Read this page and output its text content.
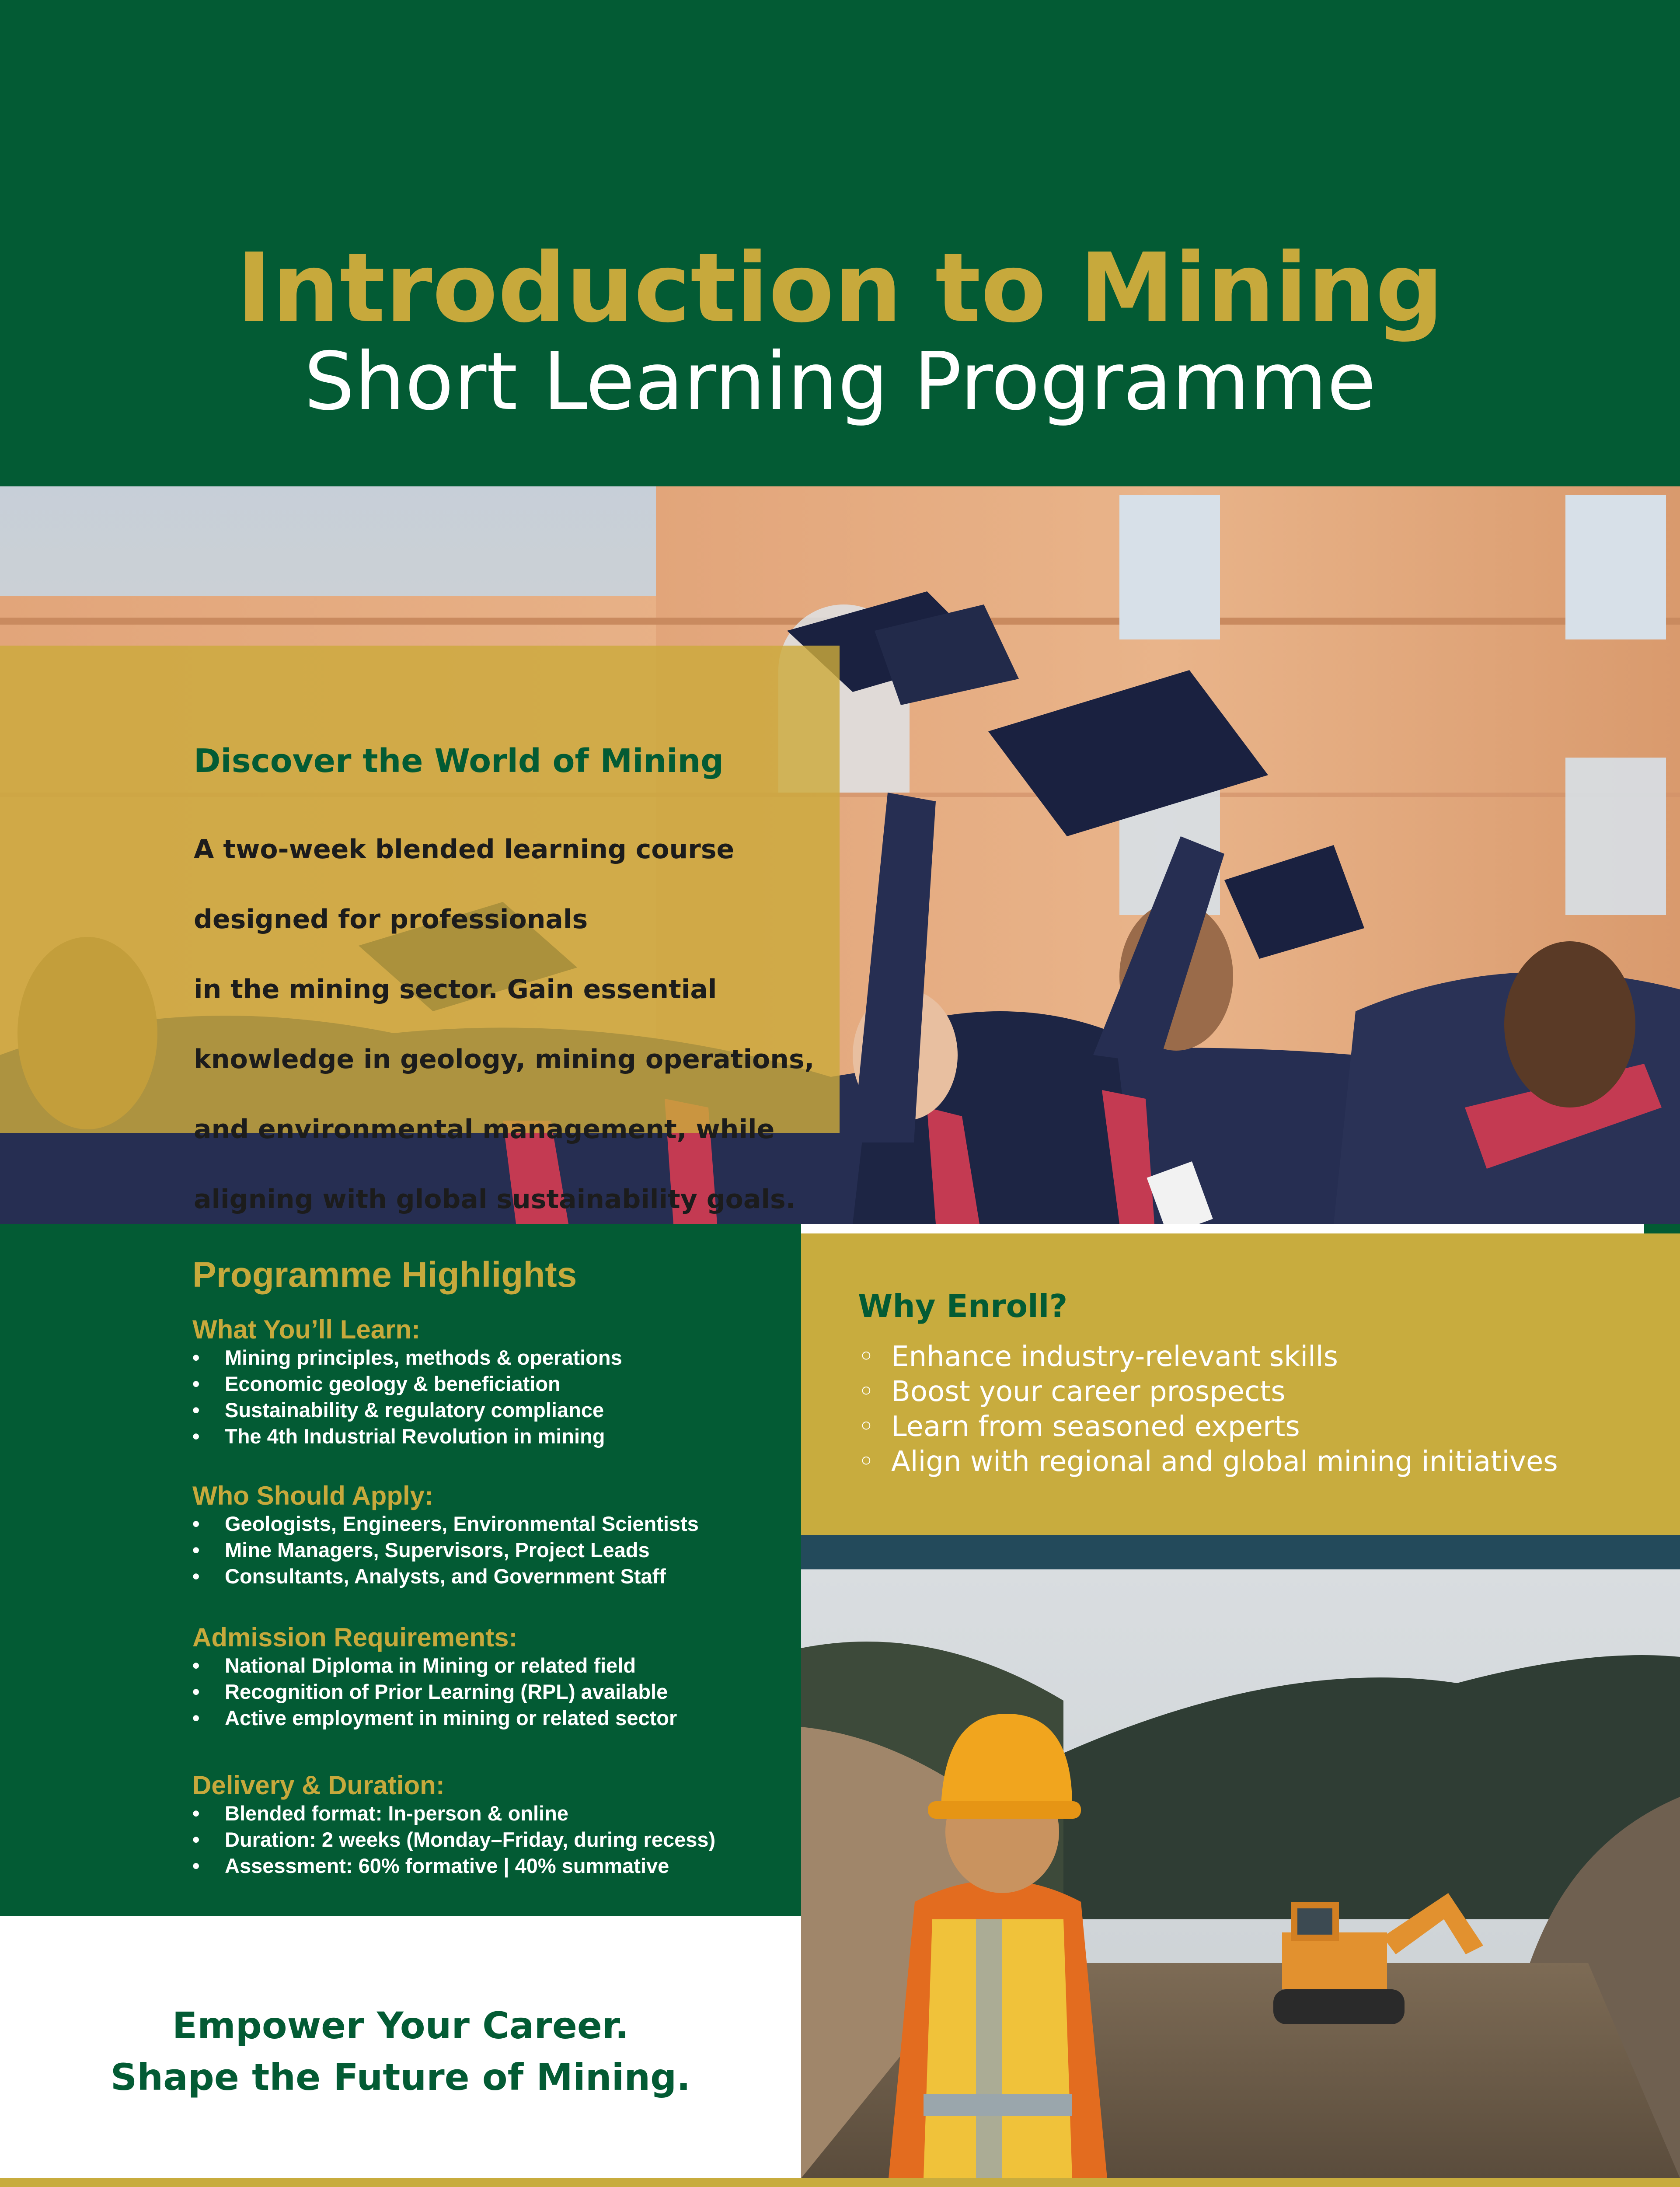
Introduction to Mining
Short Learning Programme
Discover the World of Mining

A two-week blended learning course

designed for professionals

in the mining sector. Gain essential

knowledge in geology, mining operations,

and environmental management, while

aligning with global sustainability goals.

Programme Highlights
What You’ll Learn:
• Mining principles, methods & operations
• Economic geology & beneficiation
• Sustainability & regulatory compliance
• The 4th Industrial Revolution in mining
Who Should Apply:
• Geologists, Engineers, Environmental Scientists
• Mine Managers, Supervisors, Project Leads
• Consultants, Analysts, and Government Staff
Admission Requirements:
• National Diploma in Mining or related field
• Recognition of Prior Learning (RPL) available
• Active employment in mining or related sector
Delivery & Duration:
• Blended format: In-person & online
• Duration: 2 weeks (Monday–Friday, during recess)
• Assessment: 60% formative | 40% summative
Empower Your Career.
Shape the Future of Mining.
Why Enroll?
◦ Enhance industry-relevant skills
◦ Boost your career prospects
◦ Learn from seasoned experts
◦ Align with regional and global mining initiatives
